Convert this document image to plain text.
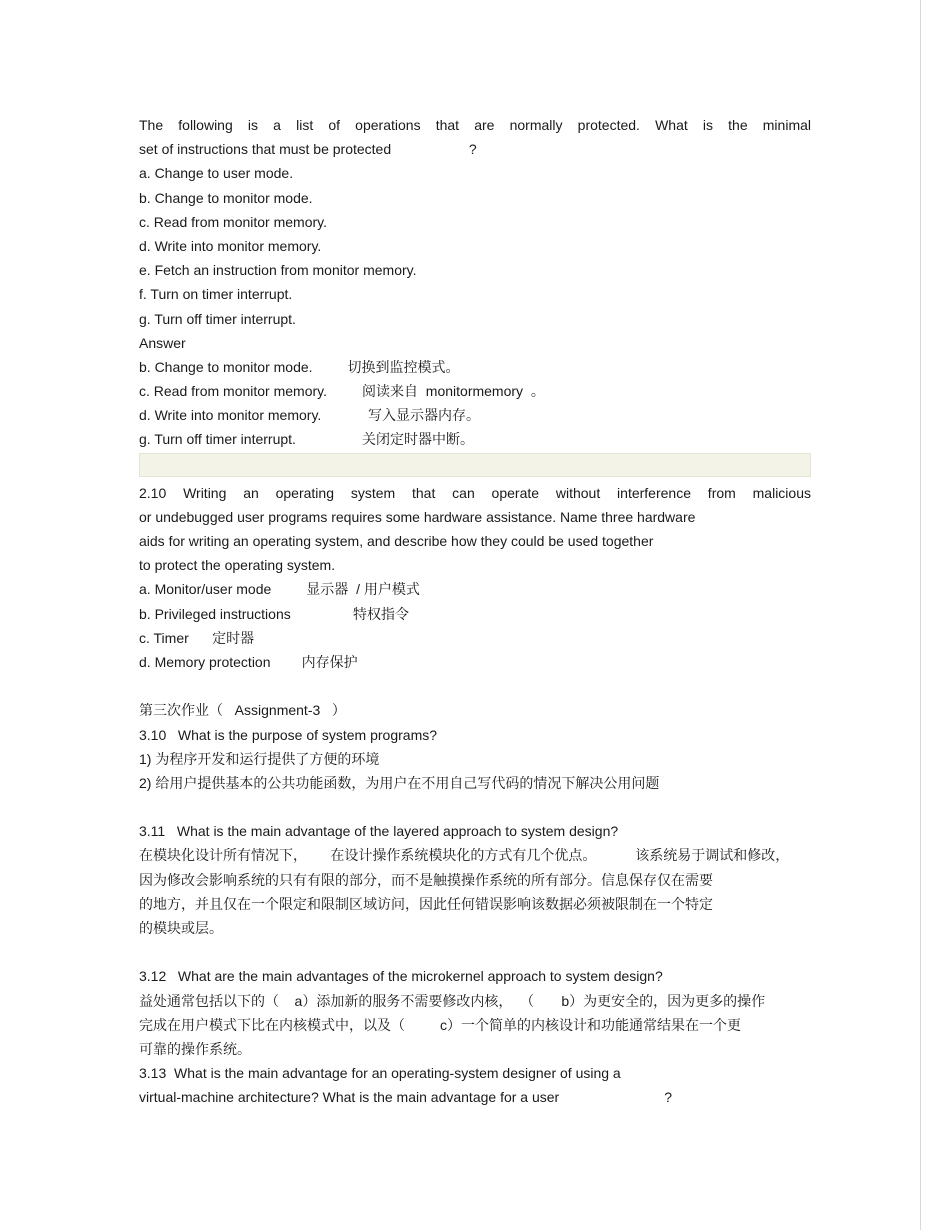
The following is a list of operations that are normally protected. What is the minimal
set of instructions that must be protected                    ?
a. Change to user mode.
b. Change to monitor mode.
c. Read from monitor memory.
d. Write into monitor memory.
e. Fetch an instruction from monitor memory.
f. Turn on timer interrupt.
g. Turn off timer interrupt.
Answer
b. Change to monitor mode.         切换到监控模式。
c. Read from monitor memory.         阅读来自  monitormemory  。
d. Write into monitor memory.            写入显示器内存。
g. Turn off timer interrupt.                 关闭定时器中断。
2.10 Writing an operating system that can operate without interference from malicious
or undebugged user programs requires some hardware assistance. Name three hardware
aids for writing an operating system, and describe how they could be used together
to protect the operating system.
a. Monitor/user mode         显示器  / 用户模式
b. Privileged instructions                特权指令
c. Timer      定时器
d. Memory protection        内存保护
第三次作业（   Assignment-3   ）
3.10   What is the purpose of system programs?
1) 为程序开发和运行提供了方便的环境
2) 给用户提供基本的公共功能函数，为用户在不用自己写代码的情况下解决公用问题
3.11   What is the main advantage of the layered approach to system design?
在模块化设计所有情况下，      在设计操作系统模块化的方式有几个优点。          该系统易于调试和修改，
因为修改会影响系统的只有有限的部分，而不是触摸操作系统的所有部分。信息保存仅在需要
的地方，并且仅在一个限定和限制区域访问，因此任何错误影响该数据必须被限制在一个特定
的模块或层。
3.12   What are the main advantages of the microkernel approach to system design?
益处通常包括以下的（    a）添加新的服务不需要修改内核，  （       b）为更安全的，因为更多的操作
完成在用户模式下比在内核模式中，以及（         c）一个简单的内核设计和功能通常结果在一个更
可靠的操作系统。
3.13  What is the main advantage for an operating-system designer of using a
virtual-machine architecture? What is the main advantage for a user                           ?
